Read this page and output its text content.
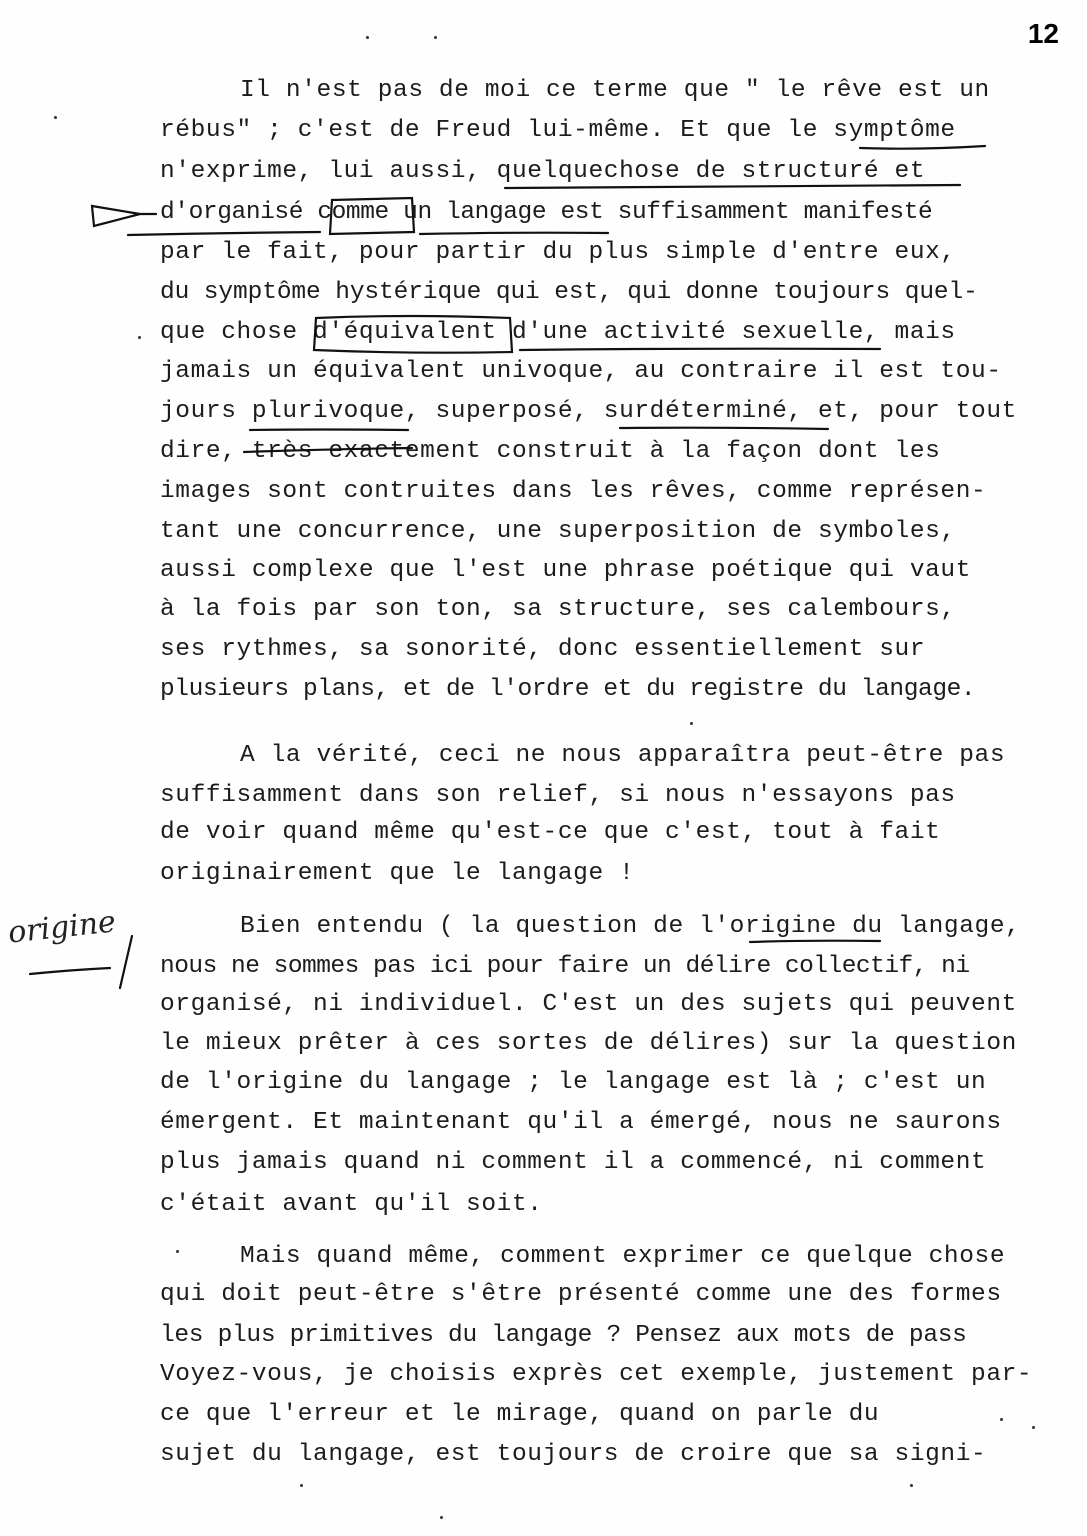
12
Il n'est pas de moi ce terme que " le rêve est un
rébus" ; c'est de Freud lui-même. Et que le symptôme
n'exprime, lui aussi, quelquechose de structuré et
d'organisé comme un langage est suffisamment manifesté
par le fait, pour partir du plus simple d'entre eux,
du symptôme hystérique qui est, qui donne toujours quel-
que chose d'équivalent d'une activité sexuelle, mais
jamais un équivalent univoque, au contraire il est tou-
jours plurivoque, superposé, surdéterminé, et, pour tout
dire, très exactement construit à la façon dont les
images sont contruites dans les rêves, comme représen-
tant une concurrence, une superposition de symboles,
aussi complexe que l'est une phrase poétique qui vaut
à la fois par son ton, sa structure, ses calembours,
ses rythmes, sa sonorité, donc essentiellement sur
plusieurs plans, et de l'ordre et du registre du langage.
A la vérité, ceci ne nous apparaîtra peut-être pas
suffisamment dans son relief, si nous n'essayons pas
de voir quand même qu'est-ce que c'est, tout à fait
originairement que le langage !
Bien entendu ( la question de l'origine du langage,
nous ne sommes pas ici pour faire un délire collectif, ni
organisé, ni individuel. C'est un des sujets qui peuvent
le mieux prêter à ces sortes de délires) sur la question
de l'origine du langage ; le langage est là ; c'est un
émergent. Et maintenant qu'il a émergé, nous ne saurons
plus jamais quand ni comment il a commencé, ni comment
c'était avant qu'il soit.
Mais quand même, comment exprimer ce quelque chose
qui doit peut-être s'être présenté comme une des formes
les plus primitives du langage ? Pensez aux mots de pass
Voyez-vous, je choisis exprès cet exemple, justement par-
ce que l'erreur et le mirage, quand on parle du
sujet du langage, est toujours de croire que sa signi-
origine
